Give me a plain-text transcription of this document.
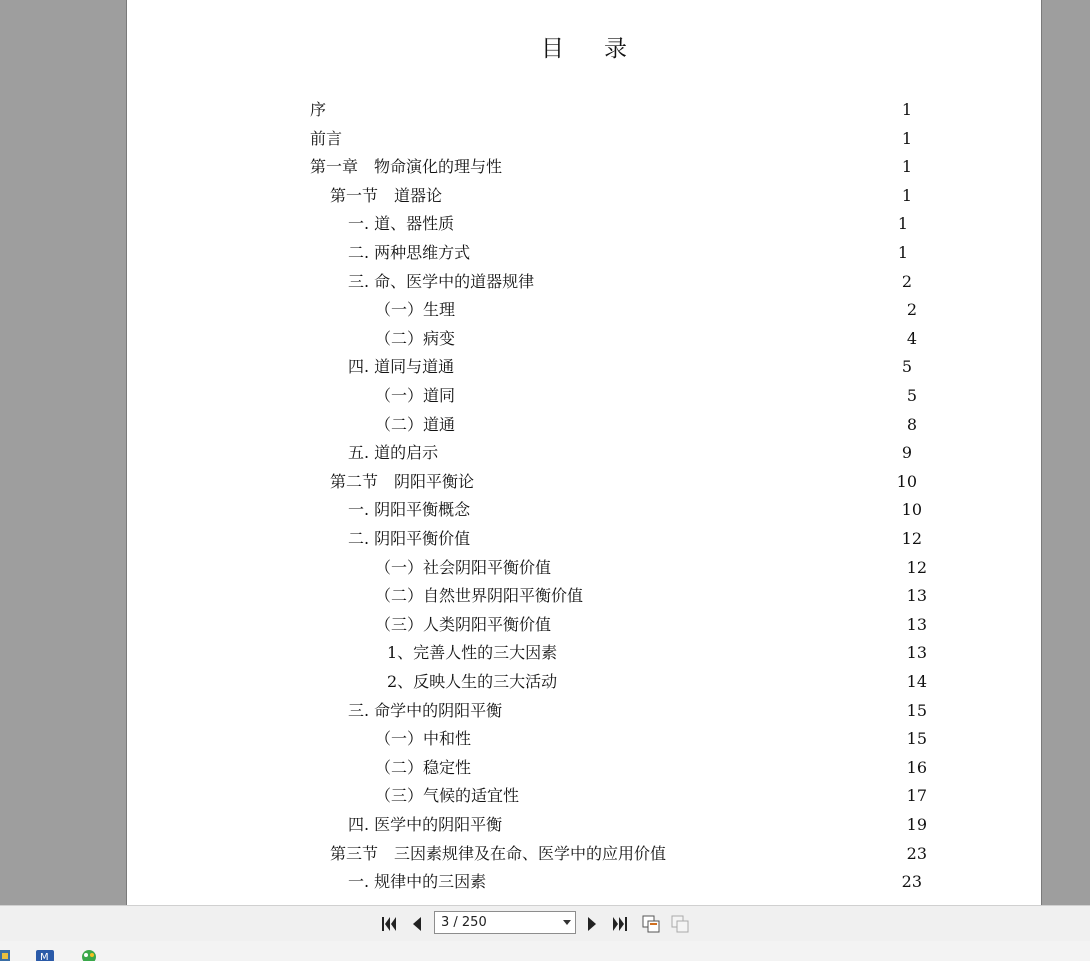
目录
序	1
前言	1
第一章　物命演化的理与性	1
第一节　道器论	1
一. 道、器性质	1
二. 两种思维方式	1
三. 命、医学中的道器规律	2
（一）生理	2
（二）病变	4
四. 道同与道通	5
（一）道同	5
（二）道通	8
五. 道的启示	9
第二节　阴阳平衡论	10
一. 阴阳平衡概念	10
二. 阴阳平衡价值	12
（一）社会阴阳平衡价值	12
（二）自然世界阴阳平衡价值	13
（三）人类阴阳平衡价值	13
1、完善人性的三大因素	13
2、反映人生的三大活动	14
三. 命学中的阴阳平衡	15
（一）中和性	15
（二）稳定性	16
（三）气候的适宜性	17
四. 医学中的阴阳平衡	19
第三节　三因素规律及在命、医学中的应用价值	23
一. 规律中的三因素	23
3 / 250
M
